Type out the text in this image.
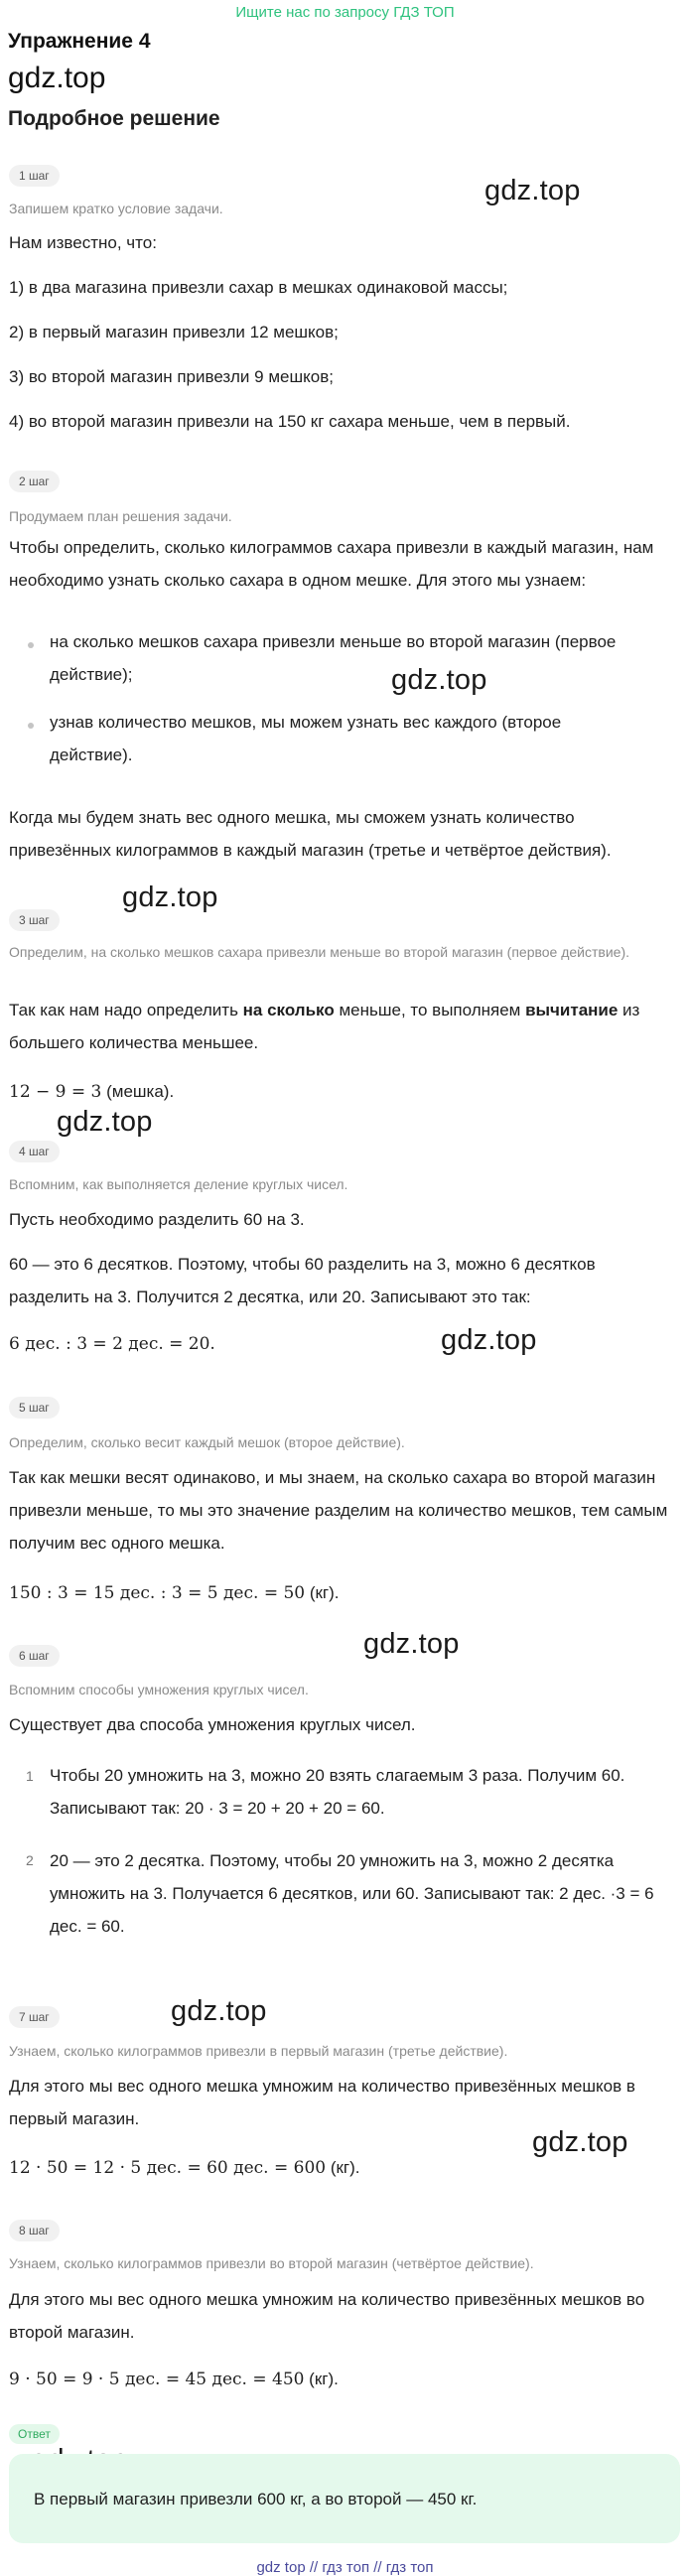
Ищите нас по запросу ГДЗ ТОП
Упражнение 4
gdz.top
Подробное решение
gdz.top
gdz.top
gdz.top
gdz.top
gdz.top
gdz.top
gdz.top
gdz.top
1 шаг
Запишем кратко условие задачи.
Нам известно, что:
1) в два магазина привезли сахар в мешках одинаковой массы;
2) в первый магазин привезли 12 мешков;
3) во второй магазин привезли 9 мешков;
4) во второй магазин привезли на 150 кг сахара меньше, чем в первый.
2 шаг
Продумаем план решения задачи.
Чтобы определить, сколько килограммов сахара привезли в каждый магазин, нам необходимо узнать сколько сахара в одном мешке. Для этого мы узнаем:
на сколько мешков сахара привезли меньше во второй магазин (первое действие);
узнав количество мешков, мы можем узнать вес каждого (второе действие).
Когда мы будем знать вес одного мешка, мы сможем узнать количество привезённых килограммов в каждый магазин (третье и четвёртое действия).
3 шаг
Определим, на сколько мешков сахара привезли меньше во второй магазин (первое действие).
Так как нам надо определить на сколько меньше, то выполняем вычитание из большего количества меньшее.
12 − 9 = 3 (мешка).
4 шаг
Вспомним, как выполняется деление круглых чисел.
Пусть необходимо разделить 60 на 3.
60 — это 6 десятков. Поэтому, чтобы 60 разделить на 3, можно 6 десятков разделить на 3. Получится 2 десятка, или 20. Записывают это так:
6 дес. : 3 = 2 дес. = 20.
5 шаг
Определим, сколько весит каждый мешок (второе действие).
Так как мешки весят одинаково, и мы знаем, на сколько сахара во второй магазин привезли меньше, то мы это значение разделим на количество мешков, тем самым получим вес одного мешка.
150 : 3 = 15 дес. : 3 = 5 дес. = 50 (кг).
6 шаг
Вспомним способы умножения круглых чисел.
Существует два способа умножения круглых чисел.
1 Чтобы 20 умножить на 3, можно 20 взять слагаемым 3 раза. Получим 60. Записывают так: 20 · 3 = 20 + 20 + 20 = 60.
2 20 — это 2 десятка. Поэтому, чтобы 20 умножить на 3, можно 2 десятка умножить на 3. Получается 6 десятков, или 60. Записывают так: 2 дес. ·3 = 6 дес. = 60.
7 шаг
Узнаем, сколько килограммов привезли в первый магазин (третье действие).
Для этого мы вес одного мешка умножим на количество привезённых мешков в первый магазин.
12 · 50 = 12 · 5 дес. = 60 дес. = 600 (кг).
8 шаг
Узнаем, сколько килограммов привезли во второй магазин (четвёртое действие).
Для этого мы вес одного мешка умножим на количество привезённых мешков во второй магазин.
9 · 50 = 9 · 5 дес. = 45 дес. = 450 (кг).
Ответ
В первый магазин привезли 600 кг, а во второй — 450 кг.
gdz top // гдз топ // гдз топ
